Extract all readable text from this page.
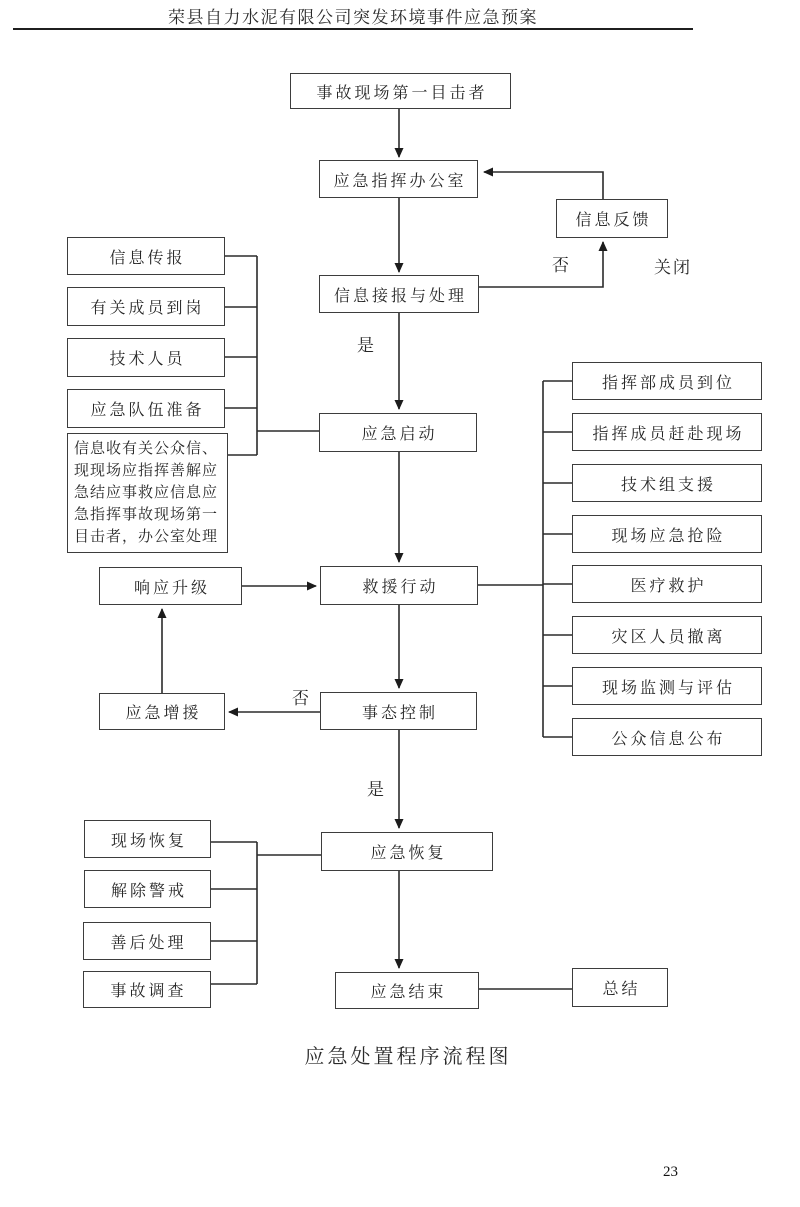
荣县自力水泥有限公司突发环境事件应急预案
事故现场第一目击者
应急指挥办公室
信息反馈
信息接报与处理
信息传报
有关成员到岗
技术人员
应急队伍准备
信息收有关公众信、
现现场应指挥善解应
急结应事救应信息应
急指挥事故现场第一
目击者，办公室处理
应急启动
响应升级	救援行动
指挥部成员到位
指挥成员赶赴现场
技术组支援
现场应急抢险
医疗救护
灾区人员撤离
现场监测与评估
公众信息公布
应急增援	事态控制
应急恢复
现场恢复
解除警戒
善后处理
事故调查	应急结束	总结
否	关闭
是
否
是
应急处置程序流程图
23
